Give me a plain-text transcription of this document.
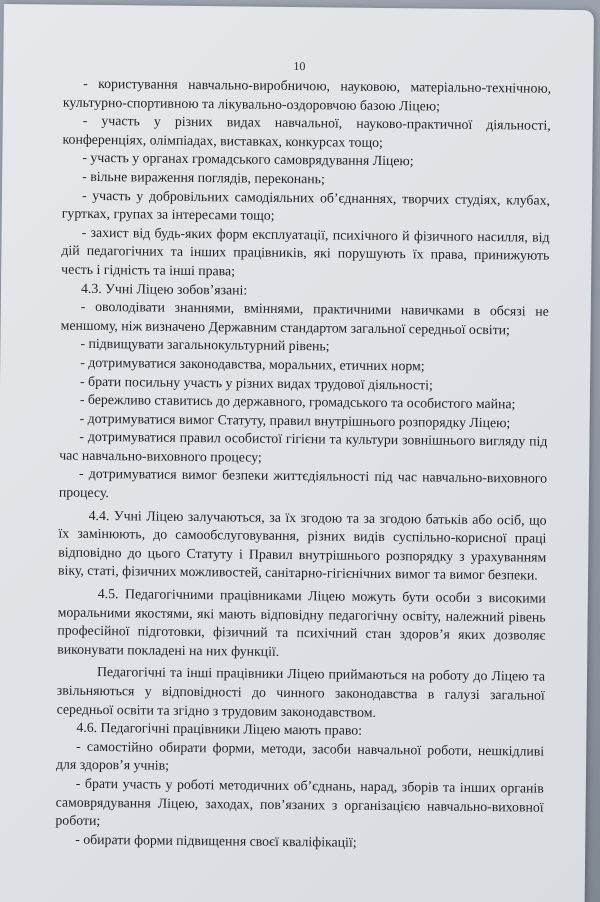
10

- користування навчально-виробничою, науковою, матеріально-технічною, культурно-спортивною та лікувально-оздоровчою базою Ліцею;

- участь у різних видах навчальної, науково-практичної діяльності, конференціях, олімпіадах, виставках, конкурсах тощо;

- участь у органах громадського самоврядування Ліцею;

- вільне вираження поглядів, переконань;

- участь у добровільних самодіяльних об’єднаннях, творчих студіях, клубах, гуртках, групах за інтересами тощо;

- захист від будь-яких форм експлуатації, психічного й фізичного насилля, від дій педагогічних та інших працівників, які порушують їх права, принижують честь і гідність та інші права;

4.3. Учні Ліцею зобов’язані:

- оволодівати знаннями, вміннями, практичними навичками в обсязі не меншому, ніж визначено Державним стандартом загальної середньої освіти;

- підвищувати загальнокультурний рівень;

- дотримуватися законодавства, моральних, етичних норм;

- брати посильну участь у різних видах трудової діяльності;

- бережливо ставитись до державного, громадського та особистого майна;

- дотримуватися вимог Статуту, правил внутрішнього розпорядку Ліцею;

- дотримуватися правил особистої гігієни та культури зовнішнього вигляду під час навчально-виховного процесу;

- дотримуватися вимог безпеки життєдіяльності під час навчально-виховного процесу.

4.4. Учні Ліцею залучаються, за їх згодою та за згодою батьків або осіб, що їх замінюють, до самообслуговування, різних видів суспільно-корисної праці відповідно до цього Статуту і Правил внутрішнього розпорядку з урахуванням віку, статі, фізичних можливостей, санітарно-гігієнічних вимог та вимог безпеки.

4.5. Педагогічними працівниками Ліцею можуть бути особи з високими моральними якостями, які мають відповідну педагогічну освіту, належний рівень професійної підготовки, фізичний та психічний стан здоров’я яких дозволяє виконувати покладені на них функції.

Педагогічні та інші працівники Ліцею приймаються на роботу до Ліцею та звільняються у відповідності до чинного законодавства в галузі загальної середньої освіти та згідно з трудовим законодавством.

4.6. Педагогічні працівники Ліцею мають право:

- самостійно обирати форми, методи, засоби навчальної роботи, нешкідливі для здоров’я учнів;

- брати участь у роботі методичних об’єднань, нарад, зборів та інших органів самоврядування Ліцею, заходах, пов’язаних з організацією навчально-виховної роботи;

- обирати форми підвищення своєї кваліфікації;
